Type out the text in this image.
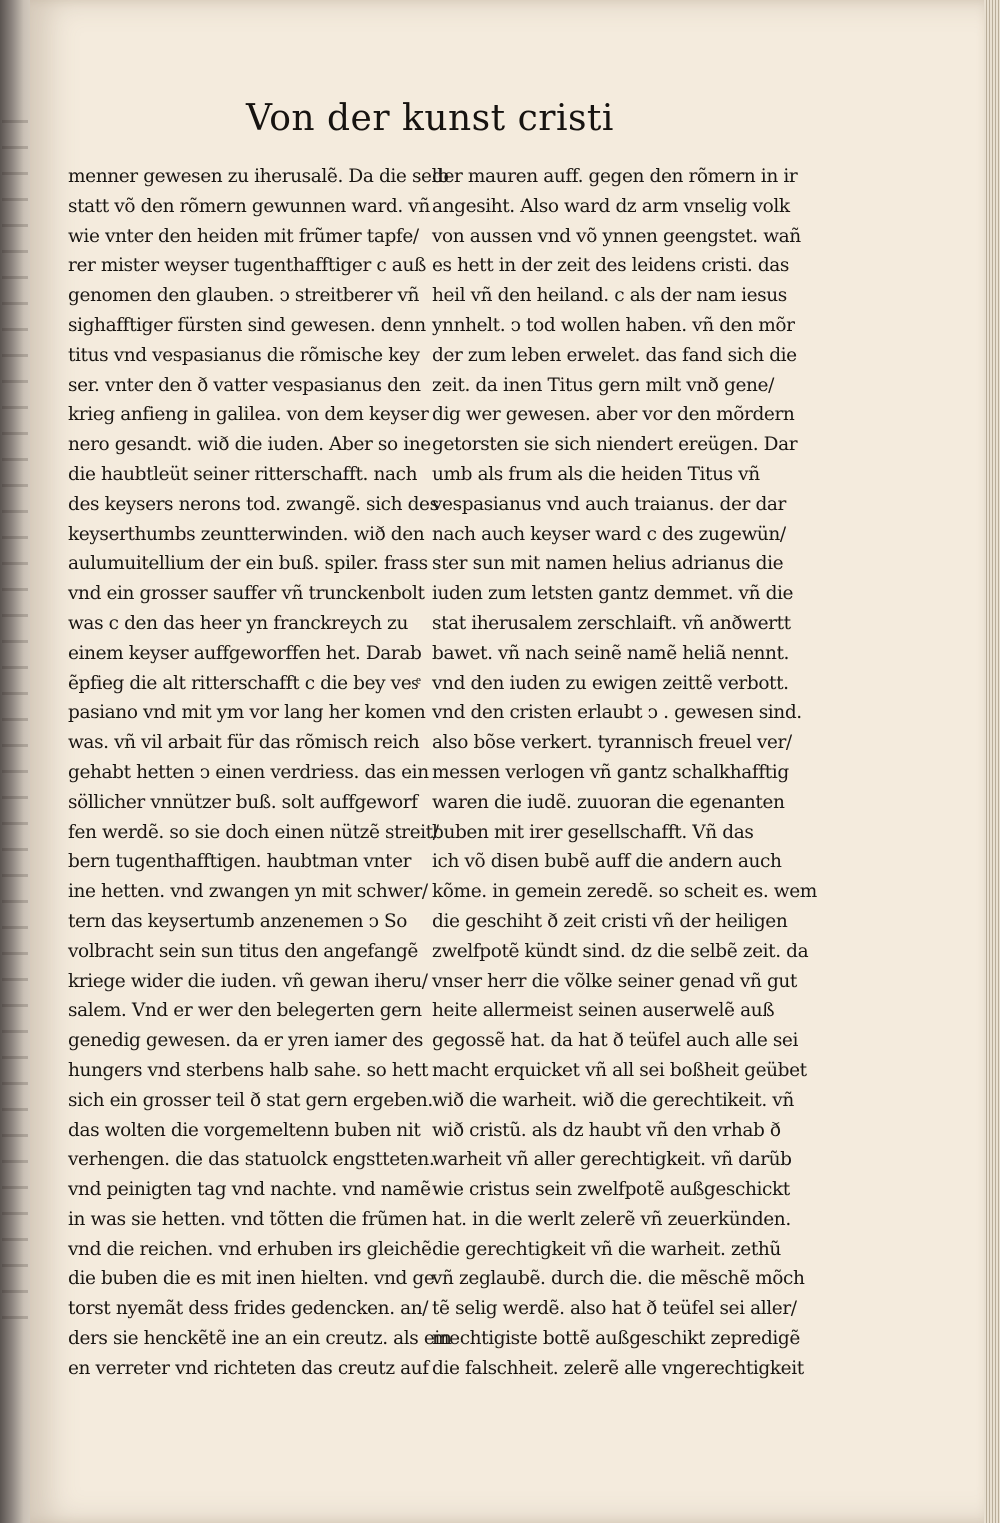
Von der kunst cristi
menner gewesen zu iherusalẽ. Da die selb
statt võ den rõmern gewunnen ward. vñ
wie vnter den heiden mit frũmer tapfe/
rer mister weyser tugenthafftiger c auß
genomen den glauben. ↄ streitberer vñ
sighafftiger fürsten sind gewesen. denn
titus vnd vespasianus die rõmische key
ser. vnter den ð vatter vespasianus den
krieg anfieng in galilea. von dem keyser
nero gesandt. wið die iuden. Aber so ine
die haubtleüt seiner ritterschafft. nach
des keysers nerons tod. zwangẽ. sich des
keyserthumbs zeuntterwinden. wið den
aulumuitellium der ein buß. spiler. frass
vnd ein grosser sauffer vñ trunckenbolt
was c den das heer yn franckreych zu
einem keyser auffgeworffen het. Darab
ẽpfieg die alt ritterschafft c die bey vesͤ
pasiano vnd mit ym vor lang her komen
was. vñ vil arbait für das rõmisch reich
gehabt hetten ↄ einen verdriess. das ein
söllicher vnnützer buß. solt auffgeworf
fen werdẽ. so sie doch einen nützẽ streit/
bern tugenthafftigen. haubtman vnter
ine hetten. vnd zwangen yn mit schwer/
tern das keysertumb anzenemen ↄ So
volbracht sein sun titus den angefangẽ
kriege wider die iuden. vñ gewan iheru/
salem. Vnd er wer den belegerten gern
genedig gewesen. da er yren iamer des
hungers vnd sterbens halb sahe. so hett
sich ein grosser teil ð stat gern ergeben.
das wolten die vorgemeltenn buben nit
verhengen. die das statuolck engstteten.
vnd peinigten tag vnd nachte. vnd namẽ
in was sie hetten. vnd tõtten die frũmen
vnd die reichen. vnd erhuben irs gleichẽ
die buben die es mit inen hielten. vnd ge
torst nyemãt dess frides gedencken. an/
ders sie henckẽtẽ ine an ein creutz. als ein
en verreter vnd richteten das creutz auf
der mauren auff. gegen den rõmern in ir
angesiht. Also ward dz arm vnselig volk
von aussen vnd võ ynnen geengstet. wañ
es hett in der zeit des leidens cristi. das
heil vñ den heiland. c als der nam iesus
ynnhelt. ↄ tod wollen haben. vñ den mõr
der zum leben erwelet. das fand sich die
zeit. da inen Titus gern milt vnð gene/
dig wer gewesen. aber vor den mõrdern
getorsten sie sich niendert ereügen. Dar
umb als frum als die heiden Titus vñ
vespasianus vnd auch traianus. der dar
nach auch keyser ward c des zugewün/
ster sun mit namen helius adrianus die
iuden zum letsten gantz demmet. vñ die
stat iherusalem zerschlaift. vñ anðwertt
bawet. vñ nach seinẽ namẽ heliã nennt.
vnd den iuden zu ewigen zeittẽ verbott.
vnd den cristen erlaubt ↄ . gewesen sind.
also bõse verkert. tyrannisch freuel ver/
messen verlogen vñ gantz schalkhafftig
waren die iudẽ. zuuoran die egenanten
buben mit irer gesellschafft. Vñ das
ich võ disen bubẽ auff die andern auch
kõme. in gemein zeredẽ. so scheit es. wem
die geschiht ð zeit cristi vñ der heiligen
zwelfpotẽ kündt sind. dz die selbẽ zeit. da
vnser herr die võlke seiner genad vñ gut
heite allermeist seinen auserwelẽ auß
gegossẽ hat. da hat ð teüfel auch alle sei
macht erquicket vñ all sei boßheit geübet
wið die warheit. wið die gerechtikeit. vñ
wið cristũ. als dz haubt vñ den vrhab ð
warheit vñ aller gerechtigkeit. vñ darũb
wie cristus sein zwelfpotẽ außgeschickt
hat. in die werlt zelerẽ vñ zeuerkünden.
die gerechtigkeit vñ die warheit. zethũ
vñ zeglaubẽ. durch die. die mẽschẽ mõch
tẽ selig werdẽ. also hat ð teüfel sei aller/
mechtigiste bottẽ außgeschikt zepredigẽ
die falschheit. zelerẽ alle vngerechtigkeit
